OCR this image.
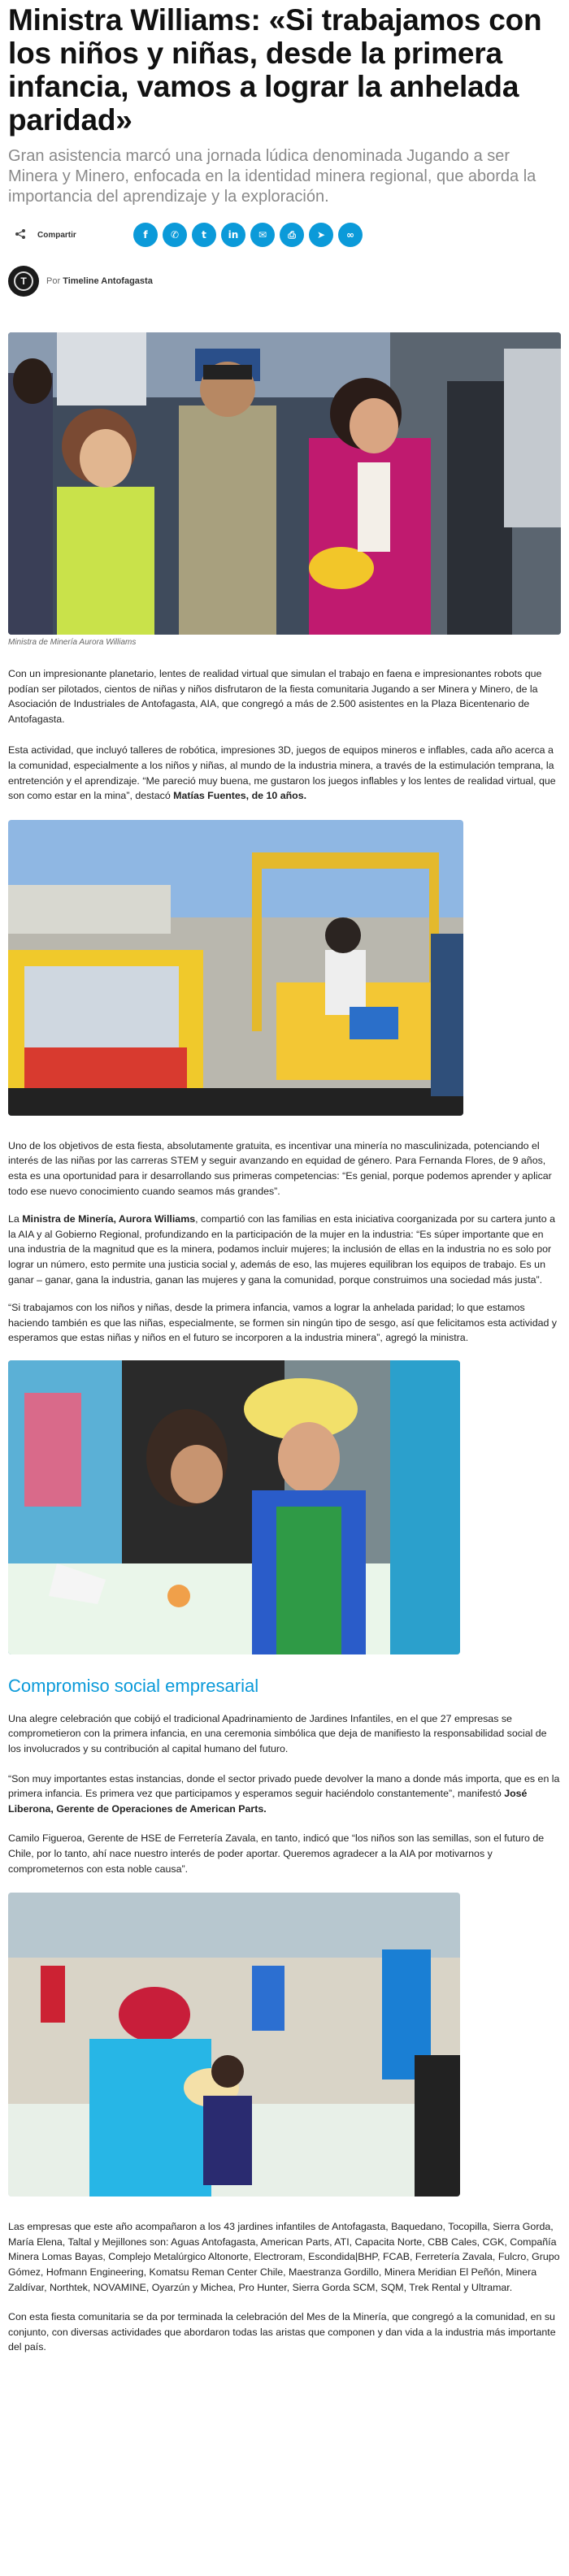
Ministra Williams: «Si trabajamos con los niños y niñas, desde la primera infancia, vamos a lograr la anhelada paridad»
Gran asistencia marcó una jornada lúdica denominada Jugando a ser Minera y Minero, enfocada en la identidad minera regional, que aborda la importancia del aprendizaje y la exploración.
Compartir	f ✆ t in ✉ ⎙ ➤ ∞
T	Por Timeline Antofagasta
Ministra de Minería Aurora Williams

Con un impresionante planetario, lentes de realidad virtual que simulan el trabajo en faena e impresionantes robots que podían ser pilotados, cientos de niñas y niños disfrutaron de la fiesta comunitaria Jugando a ser Minera y Minero, de la Asociación de Industriales de Antofagasta, AIA, que congregó a más de 2.500 asistentes en la Plaza Bicentenario de Antofagasta.

Esta actividad, que incluyó talleres de robótica, impresiones 3D, juegos de equipos mineros e inflables, cada año acerca a la comunidad, especialmente a los niños y niñas, al mundo de la industria minera, a través de la estimulación temprana, la entretención y el aprendizaje. “Me pareció muy buena, me gustaron los juegos inflables y los lentes de realidad virtual, que son como estar en la mina”, destacó Matías Fuentes, de 10 años.

Uno de los objetivos de esta fiesta, absolutamente gratuita, es incentivar una minería no masculinizada, potenciando el interés de las niñas por las carreras STEM y seguir avanzando en equidad de género. Para Fernanda Flores, de 9 años, esta es una oportunidad para ir desarrollando sus primeras competencias: “Es genial, porque podemos aprender y aplicar todo ese nuevo conocimiento cuando seamos más grandes”.

La Ministra de Minería, Aurora Williams, compartió con las familias en esta iniciativa coorganizada por su cartera junto a la AIA y al Gobierno Regional, profundizando en la participación de la mujer en la industria: “Es súper importante que en una industria de la magnitud que es la minera, podamos incluir mujeres; la inclusión de ellas en la industria no es solo por lograr un número, esto permite una justicia social y, además de eso, las mujeres equilibran los equipos de trabajo. Es un ganar – ganar, gana la industria, ganan las mujeres y gana la comunidad, porque construimos una sociedad más justa”.

“Si trabajamos con los niños y niñas, desde la primera infancia, vamos a lograr la anhelada paridad; lo que estamos haciendo también es que las niñas, especialmente, se formen sin ningún tipo de sesgo, así que felicitamos esta actividad y esperamos que estas niñas y niños en el futuro se incorporen a la industria minera”, agregó la ministra.

Compromiso social empresarial

Una alegre celebración que cobijó el tradicional Apadrinamiento de Jardines Infantiles, en el que 27 empresas se comprometieron con la primera infancia, en una ceremonia simbólica que deja de manifiesto la responsabilidad social de los involucrados y su contribución al capital humano del futuro.

“Son muy importantes estas instancias, donde el sector privado puede devolver la mano a donde más importa, que es en la primera infancia. Es primera vez que participamos y esperamos seguir haciéndolo constantemente”, manifestó José Liberona, Gerente de Operaciones de American Parts.

Camilo Figueroa, Gerente de HSE de Ferretería Zavala, en tanto, indicó que “los niños son las semillas, son el futuro de Chile, por lo tanto, ahí nace nuestro interés de poder aportar. Queremos agradecer a la AIA por motivarnos y comprometernos con esta noble causa”.

Las empresas que este año acompañaron a los 43 jardines infantiles de Antofagasta, Baquedano, Tocopilla, Sierra Gorda, María Elena, Taltal y Mejillones son: Aguas Antofagasta, American Parts, ATI, Capacita Norte, CBB Cales, CGK, Compañía Minera Lomas Bayas, Complejo Metalúrgico Altonorte, Electroram, Escondida|BHP, FCAB, Ferretería Zavala, Fulcro, Grupo Gómez, Hofmann Engineering, Komatsu Reman Center Chile, Maestranza Gordillo, Minera Meridian El Peñón, Minera Zaldívar, Northtek, NOVAMINE, Oyarzún y Michea, Pro Hunter, Sierra Gorda SCM, SQM, Trek Rental y Ultramar.

Con esta fiesta comunitaria se da por terminada la celebración del Mes de la Minería, que congregó a la comunidad, en su conjunto, con diversas actividades que abordaron todas las aristas que componen y dan vida a la industria más importante del país.
